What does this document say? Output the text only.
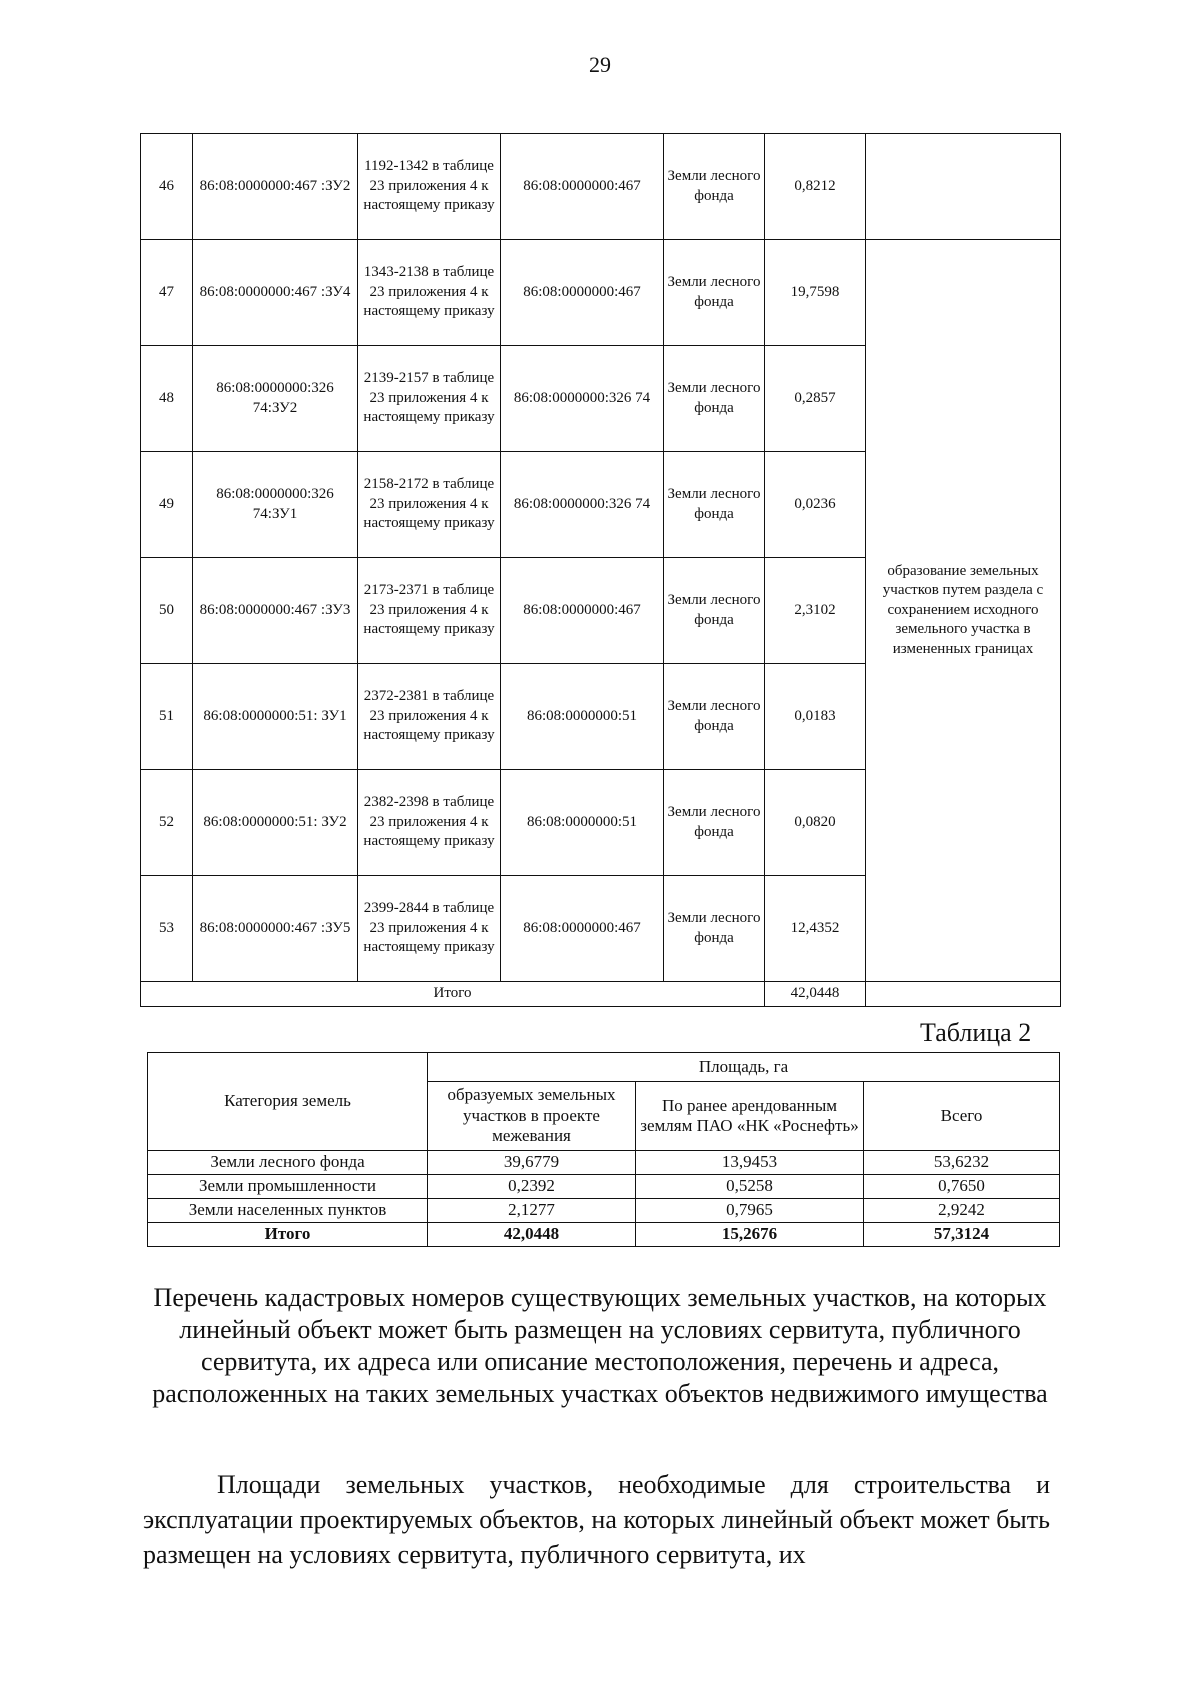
29
46	86:08:0000000:467 :ЗУ2	1192-1342 в таблице 23 приложения 4 к настоящему приказу	86:08:0000000:467	Земли лесного фонда	0,8212	
47	86:08:0000000:467 :ЗУ4	1343-2138 в таблице 23 приложения 4 к настоящему приказу	86:08:0000000:467	Земли лесного фонда	19,7598	образование земельных участков путем раздела с сохранением исходного земельного участка в измененных границах
48	86:08:0000000:326 74:ЗУ2	2139-2157 в таблице 23 приложения 4 к настоящему приказу	86:08:0000000:326 74	Земли лесного фонда	0,2857	
49	86:08:0000000:326 74:ЗУ1	2158-2172 в таблице 23 приложения 4 к настоящему приказу	86:08:0000000:326 74	Земли лесного фонда	0,0236	
50	86:08:0000000:467 :ЗУ3	2173-2371 в таблице 23 приложения 4 к настоящему приказу	86:08:0000000:467	Земли лесного фонда	2,3102	
51	86:08:0000000:51: ЗУ1	2372-2381 в таблице 23 приложения 4 к настоящему приказу	86:08:0000000:51	Земли лесного фонда	0,0183	
52	86:08:0000000:51: ЗУ2	2382-2398 в таблице 23 приложения 4 к настоящему приказу	86:08:0000000:51	Земли лесного фонда	0,0820	
53	86:08:0000000:467 :ЗУ5	2399-2844 в таблице 23 приложения 4 к настоящему приказу	86:08:0000000:467	Земли лесного фонда	12,4352	
Итого					42,0448	
Таблица 2
Категория земель	Площадь, га		
	образуемых земельных участков в проекте межевания	По ранее арендованным землям ПАО «НК «Роснефть»	Всего
Земли лесного фонда	39,6779	13,9453	53,6232
Земли промышленности	0,2392	0,5258	0,7650
Земли населенных пунктов	2,1277	0,7965	2,9242
Итого	42,0448	15,2676	57,3124
Перечень кадастровых номеров существующих земельных участков, на которых линейный объект может быть размещен на условиях сервитута, публичного сервитута, их адреса или описание местоположения, перечень и адреса, расположенных на таких земельных участках объектов недвижимого имущества
Площади земельных участков, необходимые для строительства и эксплуатации проектируемых объектов, на которых линейный объект может быть размещен на условиях сервитута, публичного сервитута, их
